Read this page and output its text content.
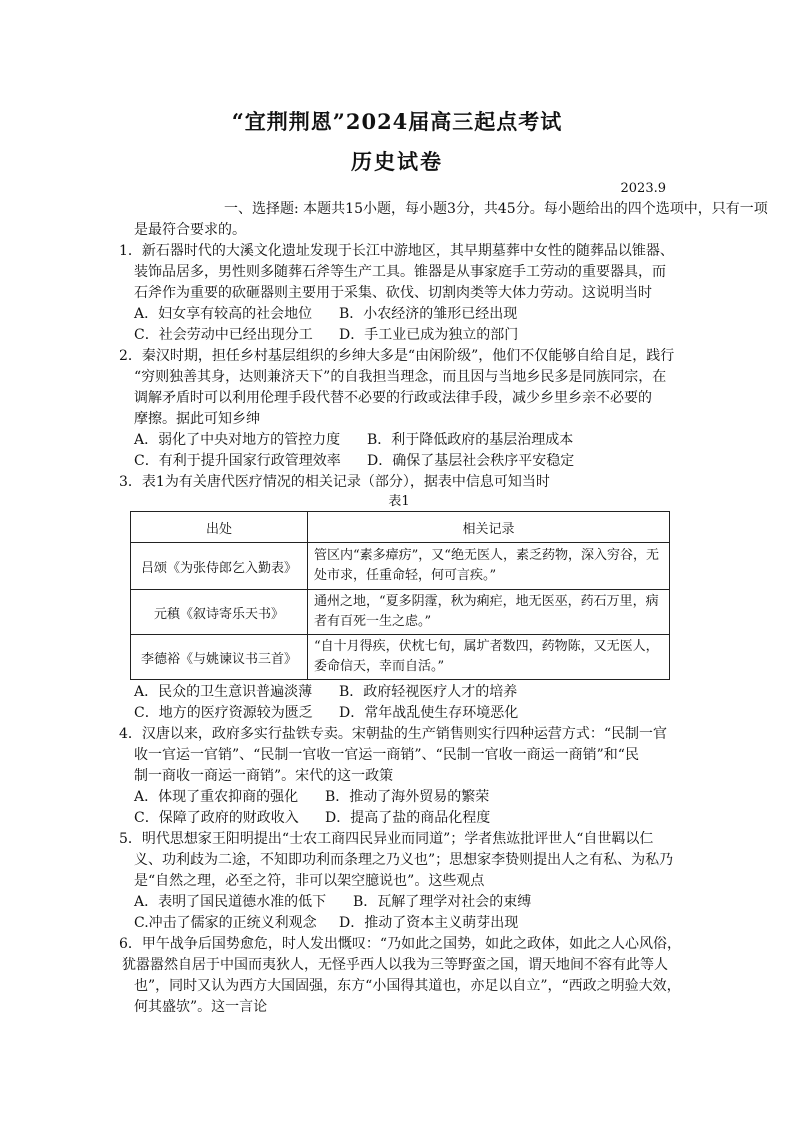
“宜荆荆恩”2024届高三起点考试
历史试卷
2023.9
一、选择题: 本题共15小题，每小题3分，共45分。每小题给出的四个选项中，只有一项
是最符合要求的。
1．新石器时代的大溪文化遗址发现于长江中游地区，其早期墓葬中女性的随葬品以锥器、
装饰品居多，男性则多随葬石斧等生产工具。锥器是从事家庭手工劳动的重要器具，而
石斧作为重要的砍砸器则主要用于采集、砍伐、切割肉类等大体力劳动。这说明当时
A．妇女享有较高的社会地位 B．小农经济的雏形已经出现
C．社会劳动中已经出现分工 D．手工业已成为独立的部门
2．秦汉时期，担任乡村基层组织的乡绅大多是“由闲阶级”，他们不仅能够自给自足，践行
“穷则独善其身，达则兼济天下”的自我担当理念，而且因与当地乡民多是同族同宗，在
调解矛盾时可以利用伦理手段代替不必要的行政或法律手段，减少乡里乡亲不必要的
摩擦。据此可知乡绅
A．弱化了中央对地方的管控力度 B．利于降低政府的基层治理成本
C．有利于提升国家行政管理效率 D．确保了基层社会秩序平安稳定
3．表1为有关唐代医疗情况的相关记录（部分），据表中信息可知当时
表1
出处	相关记录
吕颂《为张侍郎乞入勤表》	管区内“素多瘴疠”，又“绝无医人，素乏药物，深入穷谷，无处市求，任重命轻，何可言疾。”
元稹《叙诗寄乐天书》	通州之地，“夏多阴霪，秋为痢疟，地无医巫，药石万里，病者有百死一生之虑。”
李德裕《与姚谏议书三首》	“自十月得疾，伏枕七旬，属圹者数四，药物陈，又无医人，委命信天，幸而自活。”
A．民众的卫生意识普遍淡薄 B．政府轻视医疗人才的培养
C．地方的医疗资源较为匮乏 D．常年战乱使生存环境恶化
4．汉唐以来，政府多实行盐铁专卖。宋朝盐的生产销售则实行四种运营方式：“民制一官
收一官运一官销”、“民制一官收一官运一商销”、“民制一官收一商运一商销”和“民
制一商收一商运一商销”。宋代的这一政策
A．体现了重农抑商的强化 B．推动了海外贸易的繁荣
C．保障了政府的财政收入 D．提高了盐的商品化程度
5．明代思想家王阳明提出“士农工商四民异业而同道”；学者焦竑批评世人“自世羁以仁
义、功利歧为二途，不知即功利而条理之乃义也”；思想家李贽则提出人之有私、为私乃
是“自然之理，必至之符，非可以架空臆说也”。这些观点
A．表明了国民道德水准的低下 B．瓦解了理学对社会的束缚
C.冲击了儒家的正统义利观念 D．推动了资本主义萌芽出现
6．甲午战争后国势愈危，时人发出慨叹：“乃如此之国势，如此之政体，如此之人心风俗，
犹嚣嚣然自居于中国而夷狄人，无怪乎西人以我为三等野蛮之国，谓天地间不容有此等人
也”，同时又认为西方大国固强，东方“小国得其道也，亦足以自立”，“西政之明验大效，
何其盛欤”。这一言论
